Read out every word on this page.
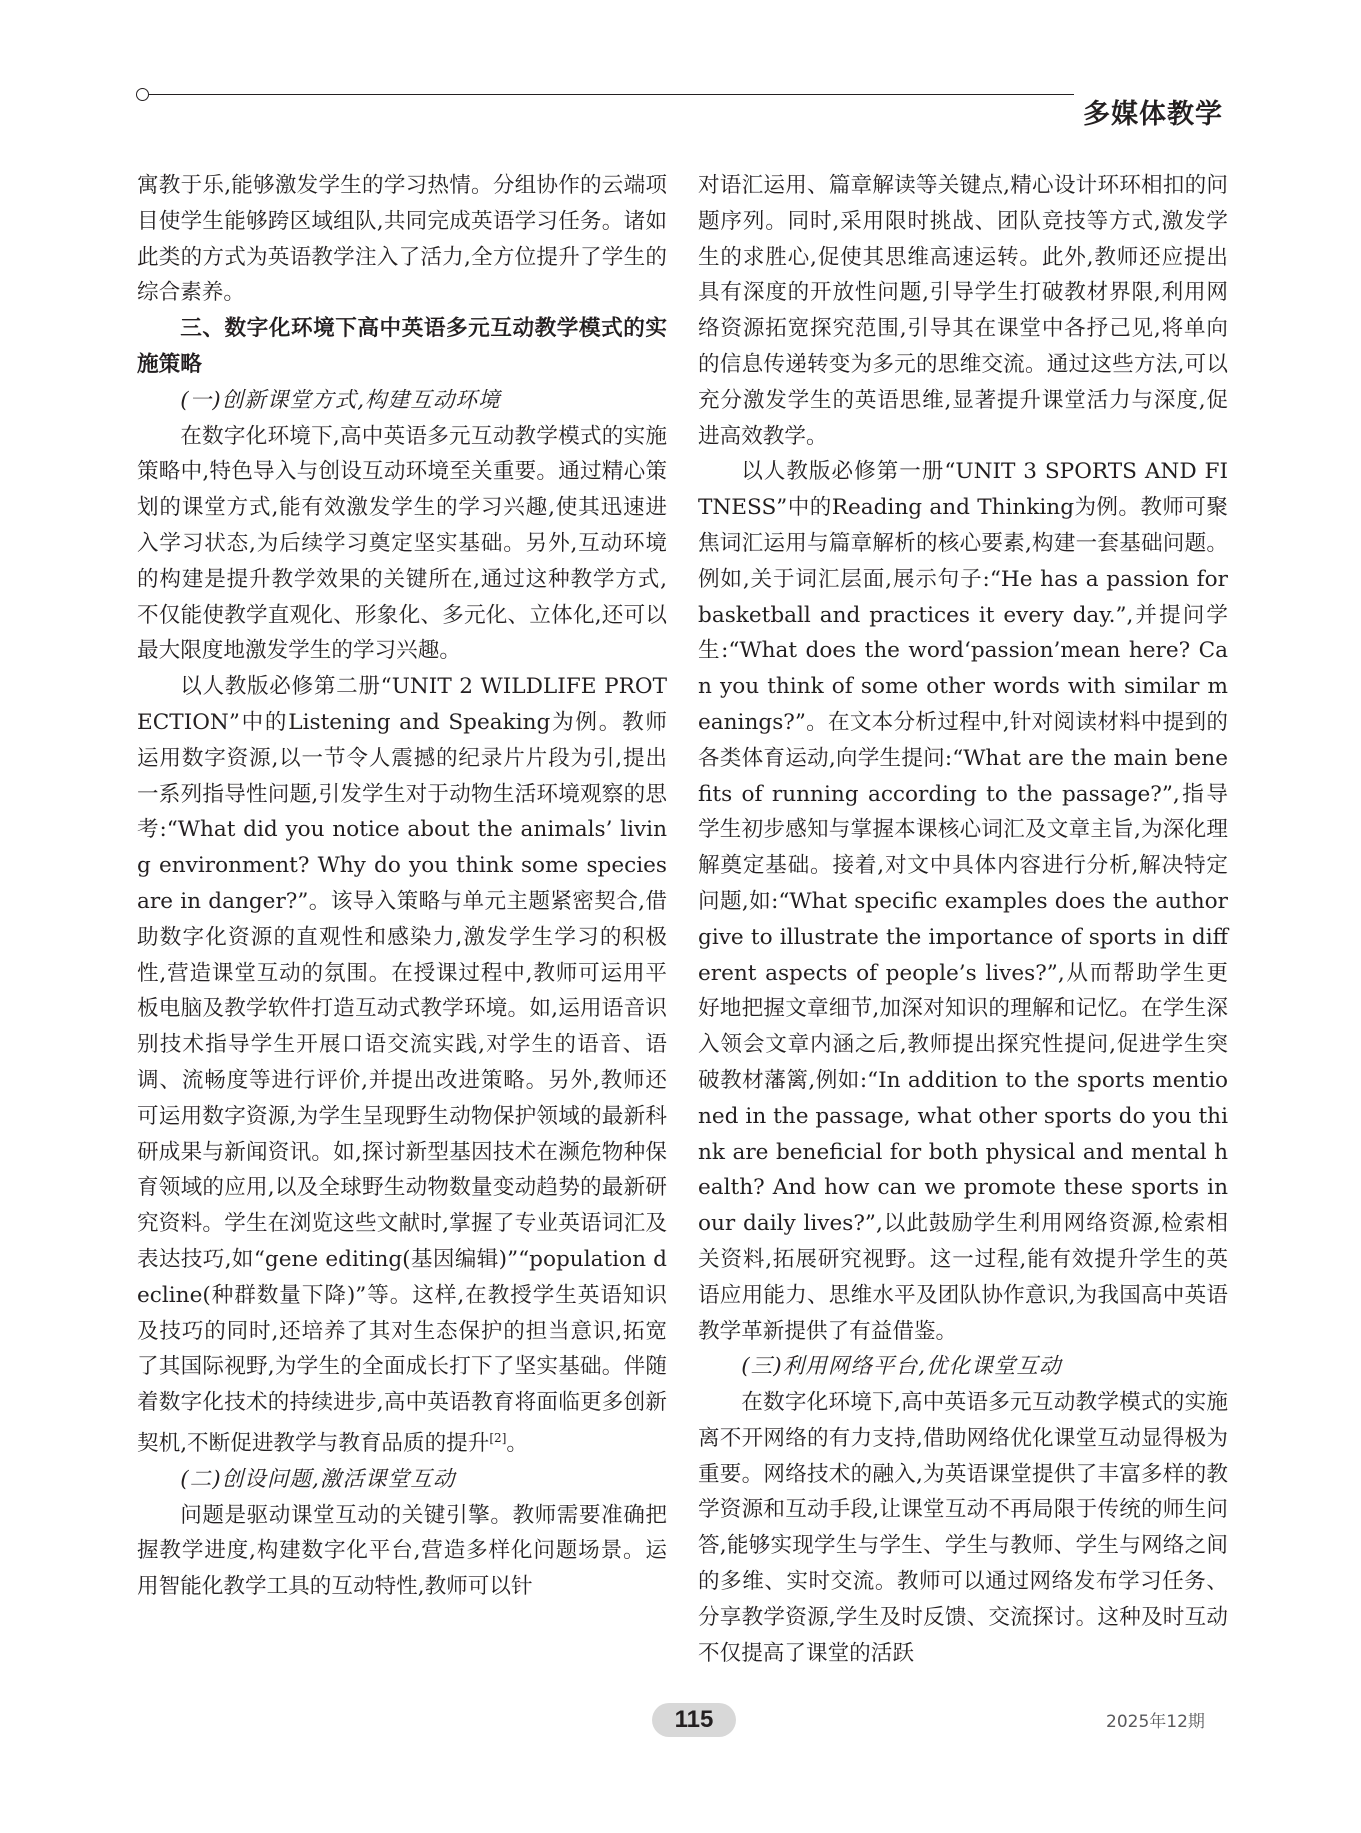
多媒体教学

寓教于乐,能够激发学生的学习热情。分组协作的云端项目使学生能够跨区域组队,共同完成英语学习任务。诸如此类的方式为英语教学注入了活力,全方位提升了学生的综合素养。

三、数字化环境下高中英语多元互动教学模式的实施策略

(一)创新课堂方式,构建互动环境

在数字化环境下,高中英语多元互动教学模式的实施策略中,特色导入与创设互动环境至关重要。通过精心策划的课堂方式,能有效激发学生的学习兴趣,使其迅速进入学习状态,为后续学习奠定坚实基础。另外,互动环境的构建是提升教学效果的关键所在,通过这种教学方式,不仅能使教学直观化、形象化、多元化、立体化,还可以最大限度地激发学生的学习兴趣。

以人教版必修第二册“UNIT 2 WILDLIFE PROTECTION”中的Listening and Speaking为例。教师运用数字资源,以一节令人震撼的纪录片片段为引,提出一系列指导性问题,引发学生对于动物生活环境观察的思考:“What did you notice about the animals’ living environment? Why do you think some species are in danger?”。该导入策略与单元主题紧密契合,借助数字化资源的直观性和感染力,激发学生学习的积极性,营造课堂互动的氛围。在授课过程中,教师可运用平板电脑及教学软件打造互动式教学环境。如,运用语音识别技术指导学生开展口语交流实践,对学生的语音、语调、流畅度等进行评价,并提出改进策略。另外,教师还可运用数字资源,为学生呈现野生动物保护领域的最新科研成果与新闻资讯。如,探讨新型基因技术在濒危物种保育领域的应用,以及全球野生动物数量变动趋势的最新研究资料。学生在浏览这些文献时,掌握了专业英语词汇及表达技巧,如“gene editing(基因编辑)”“population decline(种群数量下降)”等。这样,在教授学生英语知识及技巧的同时,还培养了其对生态保护的担当意识,拓宽了其国际视野,为学生的全面成长打下了坚实基础。伴随着数字化技术的持续进步,高中英语教育将面临更多创新契机,不断促进教学与教育品质的提升[2]。

(二)创设问题,激活课堂互动

问题是驱动课堂互动的关键引擎。教师需要准确把握教学进度,构建数字化平台,营造多样化问题场景。运用智能化教学工具的互动特性,教师可以针

对语汇运用、篇章解读等关键点,精心设计环环相扣的问题序列。同时,采用限时挑战、团队竞技等方式,激发学生的求胜心,促使其思维高速运转。此外,教师还应提出具有深度的开放性问题,引导学生打破教材界限,利用网络资源拓宽探究范围,引导其在课堂中各抒己见,将单向的信息传递转变为多元的思维交流。通过这些方法,可以充分激发学生的英语思维,显著提升课堂活力与深度,促进高效教学。

以人教版必修第一册“UNIT 3 SPORTS AND FITNESS”中的Reading and Thinking为例。教师可聚焦词汇运用与篇章解析的核心要素,构建一套基础问题。例如,关于词汇层面,展示句子:“He has a passion for basketball and practices it every day.”,并提问学生:“What does the word‘passion’mean here? Can you think of some other words with similar meanings?”。在文本分析过程中,针对阅读材料中提到的各类体育运动,向学生提问:“What are the main benefits of running according to the passage?”,指导学生初步感知与掌握本课核心词汇及文章主旨,为深化理解奠定基础。接着,对文中具体内容进行分析,解决特定问题,如:“What specific examples does the author give to illustrate the importance of sports in different aspects of people’s lives?”,从而帮助学生更好地把握文章细节,加深对知识的理解和记忆。在学生深入领会文章内涵之后,教师提出探究性提问,促进学生突破教材藩篱,例如:“In addition to the sports mentioned in the passage, what other sports do you think are beneficial for both physical and mental health? And how can we promote these sports in our daily lives?”,以此鼓励学生利用网络资源,检索相关资料,拓展研究视野。这一过程,能有效提升学生的英语应用能力、思维水平及团队协作意识,为我国高中英语教学革新提供了有益借鉴。

(三)利用网络平台,优化课堂互动

在数字化环境下,高中英语多元互动教学模式的实施离不开网络的有力支持,借助网络优化课堂互动显得极为重要。网络技术的融入,为英语课堂提供了丰富多样的教学资源和互动手段,让课堂互动不再局限于传统的师生问答,能够实现学生与学生、学生与教师、学生与网络之间的多维、实时交流。教师可以通过网络发布学习任务、分享教学资源,学生及时反馈、交流探讨。这种及时互动不仅提高了课堂的活跃

115	2025年12期
